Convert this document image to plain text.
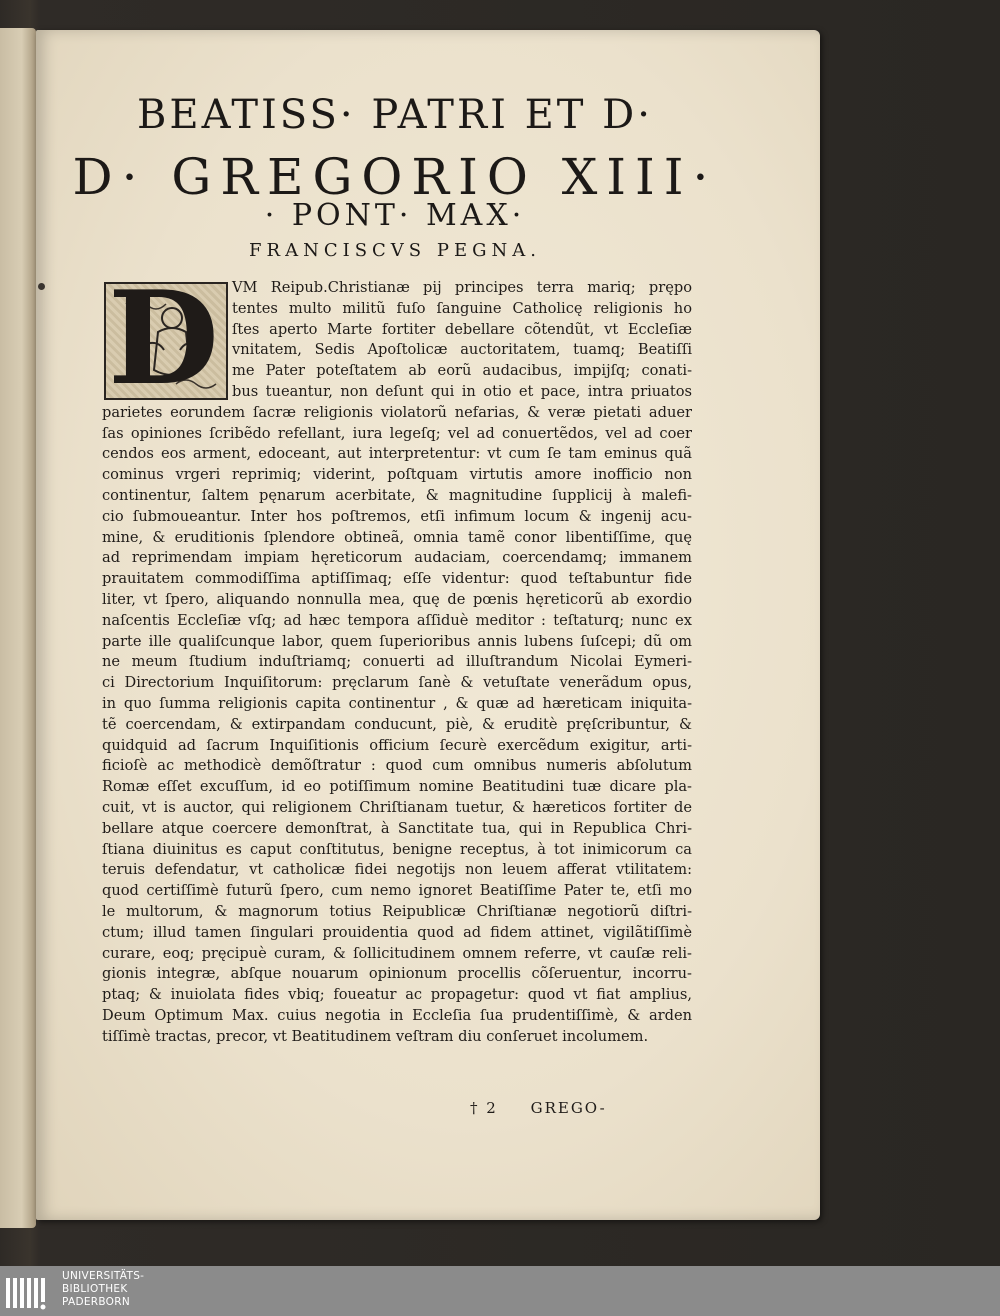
BEATISS· PATRI ET D·
D· GREGORIO XIII·
· PONT· MAX·
FRANCISCVS PEGNA.
D VM Reipub.Christianæ pij principes terra mariq; prępo
tentes multo militũ fuſo ſanguine Catholicę religionis ho
ſtes aperto Marte fortiter debellare cõtendũt, vt Eccleſiæ
vnitatem, Sedis Apoſtolicæ auctoritatem, tuamq; Beatiſſi
me Pater poteſtatem ab eorũ audacibus, impijſq; conati-
bus tueantur, non deſunt qui in otio et pace, intra priuatos
parietes eorundem ſacræ religionis violatorũ nefarias, & veræ pietati aduer
ſas opiniones ſcribẽdo refellant, iura legeſq; vel ad conuertẽdos, vel ad coer
cendos eos arment, edoceant, aut interpretentur: vt cum ſe tam eminus quã
cominus vrgeri reprimiq; viderint, poſtquam virtutis amore inofficio non
continentur, ſaltem pęnarum acerbitate, & magnitudine ſupplicij à malefi-
cio ſubmoueantur. Inter hos poſtremos, etſi infimum locum & ingenij acu-
mine, & eruditionis ſplendore obtineã, omnia tamẽ conor libentiſſime, quę
ad reprimendam impiam hęreticorum audaciam, coercendamq; immanem
prauitatem commodiſſima aptiſſimaq; eſſe videntur: quod teſtabuntur fide
liter, vt ſpero, aliquando nonnulla mea, quę de pœnis hęreticorũ ab exordio
naſcentis Eccleſiæ vſq; ad hæc tempora aſſiduè meditor : teſtaturq; nunc ex
parte ille qualiſcunque labor, quem ſuperioribus annis lubens ſuſcepi; dũ om
ne meum ſtudium induſtriamq; conuerti ad illuſtrandum Nicolai Eymeri-
ci Directorium Inquiſitorum: pręclarum ſanè & vetuſtate venerãdum opus,
in quo ſumma religionis capita continentur , & quæ ad hæreticam iniquita-
tẽ coercendam, & extirpandam conducunt, piè, & eruditè pręſcribuntur, &
quidquid ad ſacrum Inquiſitionis officium ſecurè exercẽdum exigitur, arti-
ficioſè ac methodicè demõſtratur : quod cum omnibus numeris abſolutum
Romæ eſſet excuſſum, id eo potiſſimum nomine Beatitudini tuæ dicare pla-
cuit, vt is auctor, qui religionem Chriſtianam tuetur, & hæreticos fortiter de
bellare atque coercere demonſtrat, à Sanctitate tua, qui in Republica Chri-
ſtiana diuinitus es caput conſtitutus, benigne receptus, à tot inimicorum ca
teruis defendatur, vt catholicæ fidei negotijs non leuem afferat vtilitatem:
quod certiſſimè futurũ ſpero, cum nemo ignoret Beatiſſime Pater te, etſi mo
le multorum, & magnorum totius Reipublicæ Chriſtianæ negotiorũ diſtri-
ctum; illud tamen ſingulari prouidentia quod ad fidem attinet, vigilãtiſſimè
curare, eoq; pręcipuè curam, & ſollicitudinem omnem referre, vt cauſæ reli-
gionis integræ, abſque nouarum opinionum procellis cõſeruentur, incorru-
ptaq; & inuiolata fides vbiq; foueatur ac propagetur: quod vt fiat amplius,
Deum Optimum Max. cuius negotia in Eccleſia ſua prudentiſſimè, & arden
tiſſimè tractas, precor, vt Beatitudinem veſtram diu conſeruet incolumem.
† 2 GREGO-
UNIVERSITÄTS-
BIBLIOTHEK
PADERBORN
